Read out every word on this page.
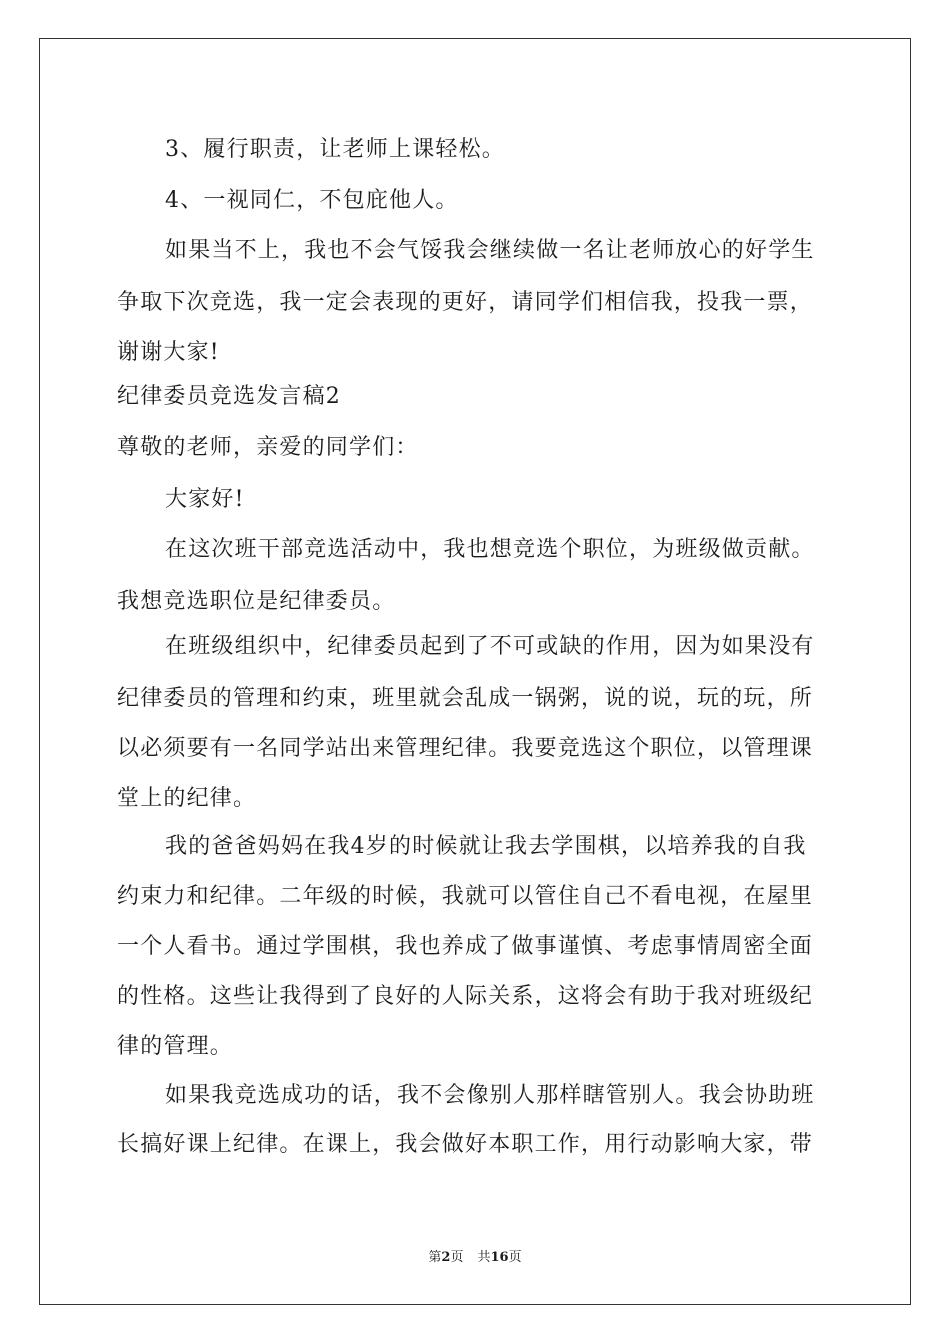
3、履行职责，让老师上课轻松。
4、一视同仁，不包庇他人。
如果当不上，我也不会气馁我会继续做一名让老师放心的好学生
争取下次竞选，我一定会表现的更好，请同学们相信我，投我一票，
谢谢大家!
纪律委员竞选发言稿2
尊敬的老师，亲爱的同学们：
大家好!
在这次班干部竞选活动中，我也想竞选个职位，为班级做贡献。
我想竞选职位是纪律委员。
在班级组织中，纪律委员起到了不可或缺的作用，因为如果没有
纪律委员的管理和约束，班里就会乱成一锅粥，说的说，玩的玩，所
以必须要有一名同学站出来管理纪律。我要竞选这个职位，以管理课
堂上的纪律。
我的爸爸妈妈在我4岁的时候就让我去学围棋，以培养我的自我
约束力和纪律。二年级的时候，我就可以管住自己不看电视，在屋里
一个人看书。通过学围棋，我也养成了做事谨慎、考虑事情周密全面
的性格。这些让我得到了良好的人际关系，这将会有助于我对班级纪
律的管理。
如果我竞选成功的话，我不会像别人那样瞎管别人。我会协助班
长搞好课上纪律。在课上，我会做好本职工作，用行动影响大家，带
第2页 共16页
